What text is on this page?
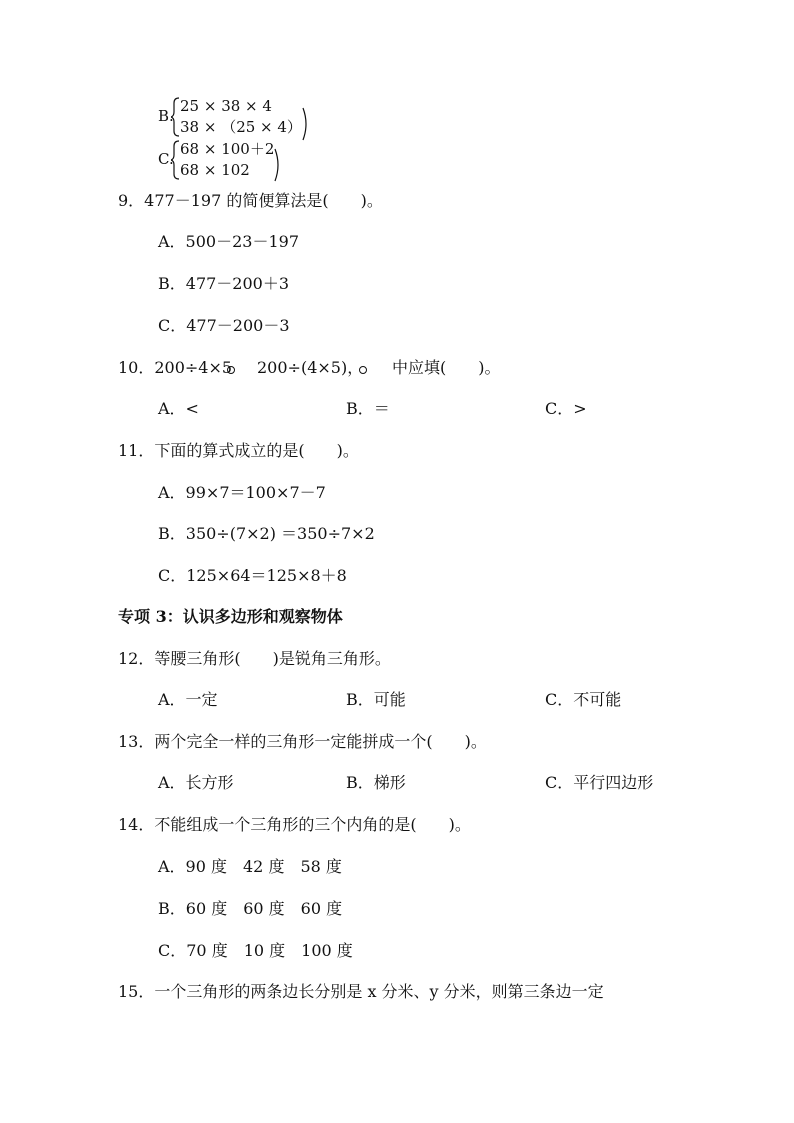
B.
25 × 38 × 4
38 × （25 × 4）
C.
68 × 100＋2
68 × 102
9．477－197 的简便算法是(　　)。
A．500－23－197
B．477－200＋3
C．477－200－3
10．200÷4×5 200÷(4×5)， 中应填(　　)。
A．<	B．＝	C．>
11．下面的算式成立的是(　　)。
A．99×7＝100×7－7
B．350÷(7×2) ＝350÷7×2
C．125×64＝125×8＋8
专项 3：认识多边形和观察物体
12．等腰三角形(　　)是锐角三角形。
A．一定	B．可能	C．不可能
13．两个完全一样的三角形一定能拼成一个(　　)。
A．长方形	B．梯形	C．平行四边形
14．不能组成一个三角形的三个内角的是(　　)。
A．90 度　42 度　58 度
B．60 度　60 度　60 度
C．70 度　10 度　100 度
15．一个三角形的两条边长分别是 x 分米、y 分米，则第三条边一定
